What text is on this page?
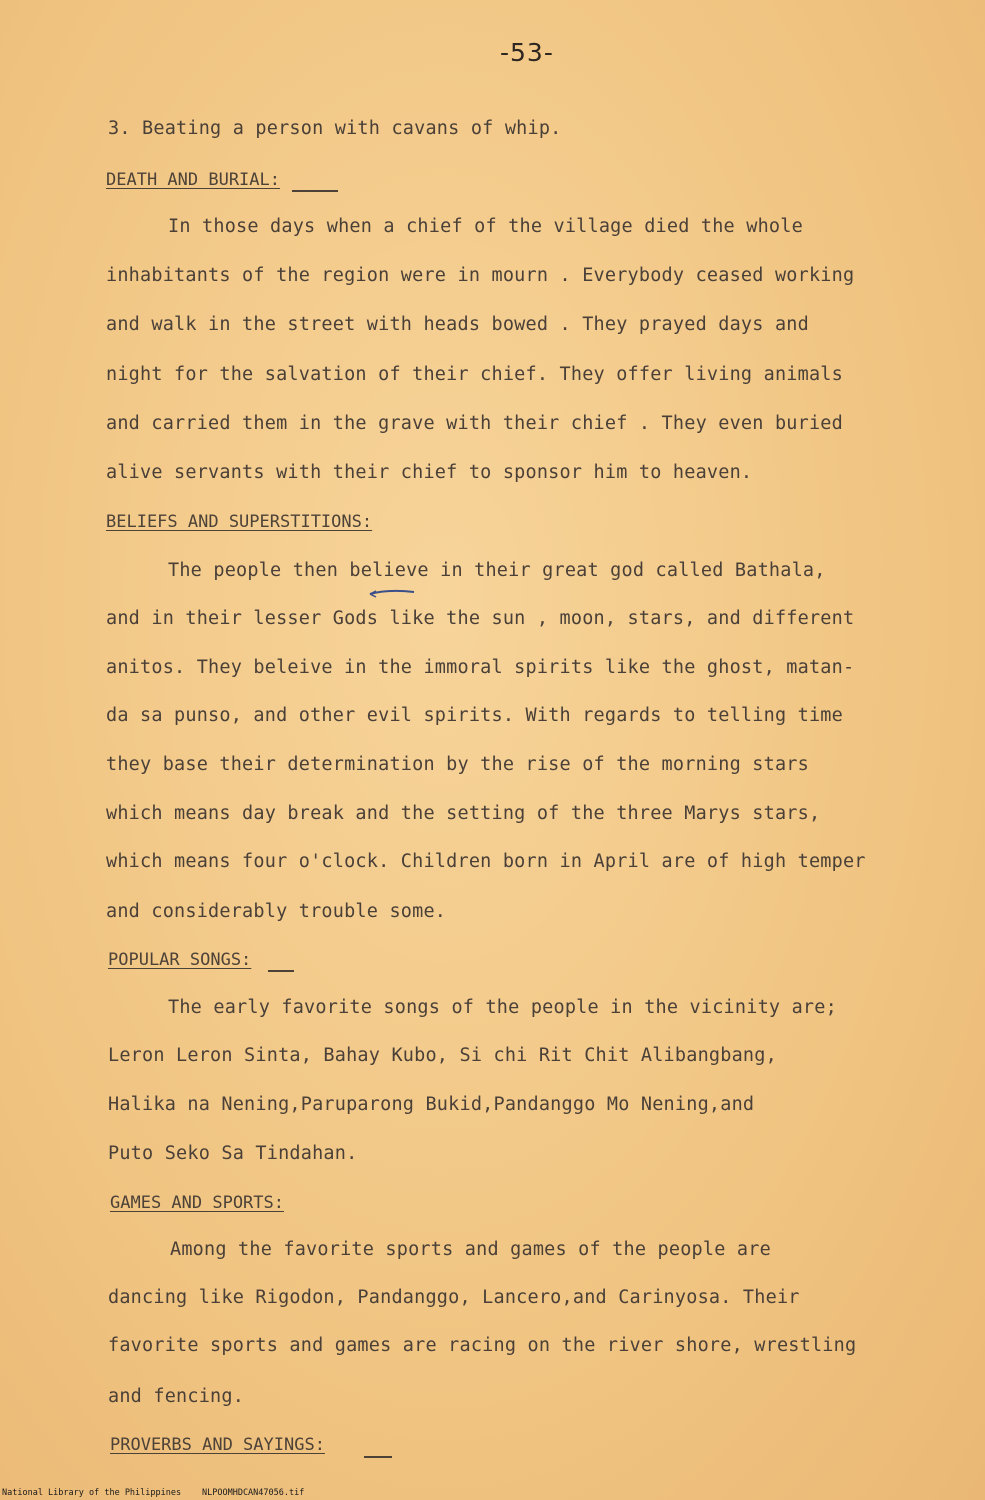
-53-
3. Beating a person with cavans of whip.
DEATH AND BURIAL:
In those days when a chief of the village died the whole
inhabitants of the region were in mourn . Everybody ceased working
and walk in the street with heads bowed . They prayed days and
night for the salvation of their chief. They offer living animals
and carried them in the grave with their chief . They even buried
alive servants with their chief to sponsor him to heaven.
BELIEFS AND SUPERSTITIONS:
The people then believe in their great god called Bathala,
and in their lesser Gods like the sun , moon, stars, and different
anitos. They beleive in the immoral spirits like the ghost, matan-
da sa punso, and other evil spirits. With regards to telling time
they base their determination by the rise of the morning stars
which means day break and the setting of the three Marys stars,
which means four o'clock. Children born in April are of high temper
and considerably trouble some.
POPULAR SONGS:
The early favorite songs of the people in the vicinity are;
Leron Leron Sinta, Bahay Kubo, Si chi Rit Chit Alibangbang,
Halika na Nening,Paruparong Bukid,Pandanggo Mo Nening,and
Puto Seko Sa Tindahan.
GAMES AND SPORTS:
Among the favorite sports and games of the people are
dancing like Rigodon, Pandanggo, Lancero,and Carinyosa. Their
favorite sports and games are racing on the river shore, wrestling
and fencing.
PROVERBS AND SAYINGS:
National Library of the Philippines NLPOOMHDCAN47056.tif
